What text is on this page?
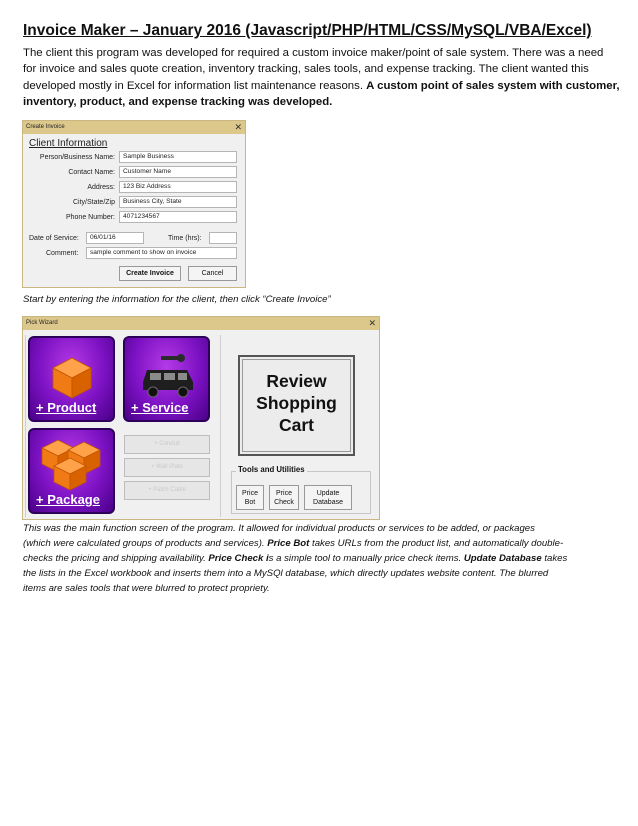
Invoice Maker – January 2016 (Javascript/PHP/HTML/CSS/MySQL/VBA/Excel)
The client this program was developed for required a custom invoice maker/point of sale system. There was a need
for invoice and sales quote creation, inventory tracking, sales tools, and expense tracking. The client wanted this
developed mostly in Excel for information list maintenance reasons. A custom point of sales system with customer,
inventory, product, and expense tracking was developed.
Create Invoice	✕
Client Information
Person/Business Name:	Sample Business
Contact Name:	Customer Name
Address:	123 Biz Address
City/State/Zip	Business City, State
Phone Number:	4071234567
Date of Service:	06/01/16	Time (hrs):
Comment:	sample comment to show on invoice
Create Invoice	Cancel
Start by entering the information for the client, then click “Create Invoice”
Pick Wizard	✕
+ Product	+ Service
+ Package
+ Conduit
+ Wall Plate
+ Patch Cable
Review
Shopping
Cart
Tools and Utilities
Price
Bot
Price
Check
Update
Database
This was the main function screen of the program. It allowed for individual products or services to be added, or packages
(which were calculated groups of products and services). Price Bot takes URLs from the product list, and automatically double-
checks the pricing and shipping availability. Price Check is a simple tool to manually price check items. Update Database takes
the lists in the Excel workbook and inserts them into a MySQl database, which directly updates website content. The blurred
items are sales tools that were blurred to protect propriety.
